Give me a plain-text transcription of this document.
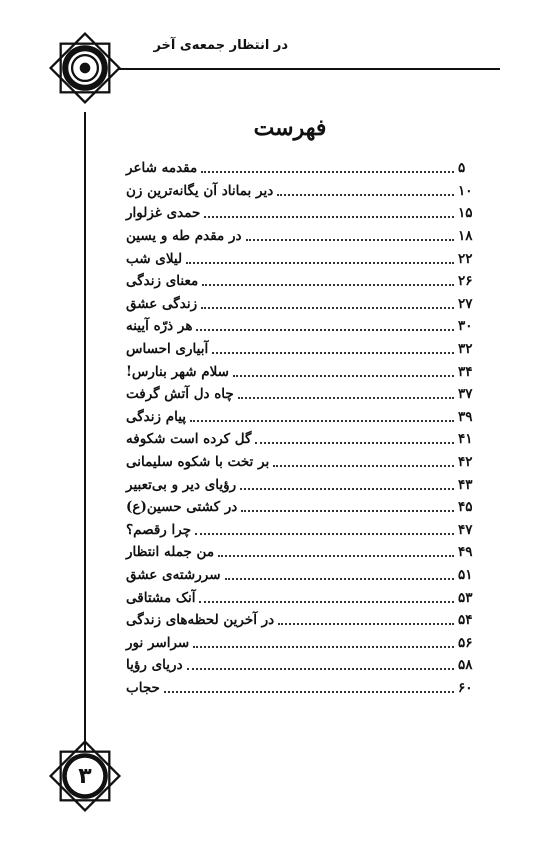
در انتظار جمعه‌ی آخر
فهرست
مقدمه شاعر	۵
دیر بماناد آن یگانه‌ترین زن	۱۰
حمدی غزلوار	۱۵
در مقدم طه و یسین	۱۸
لیلای شب	۲۲
معنای زندگی	۲۶
زندگی عشق	۲۷
هر ذرّه آیینه	۳۰
آبیاری احساس	۳۲
سلام شهر بنارس!	۳۴
چاه دل آتش گرفت	۳۷
پیام زندگی	۳۹
گل کرده است شکوفه	۴۱
بر تخت با شکوه سلیمانی	۴۲
رؤیای دیر و بی‌تعبیر	۴۳
در کشتی حسین(ع)	۴۵
چرا رقصم؟	۴۷
من جمله انتظار	۴۹
سررشته‌ی عشق	۵۱
آنک مشتاقی	۵۳
در آخرین لحظه‌های زندگی	۵۴
سراسر نور	۵۶
دریای رؤیا	۵۸
حجاب	۶۰
۳
